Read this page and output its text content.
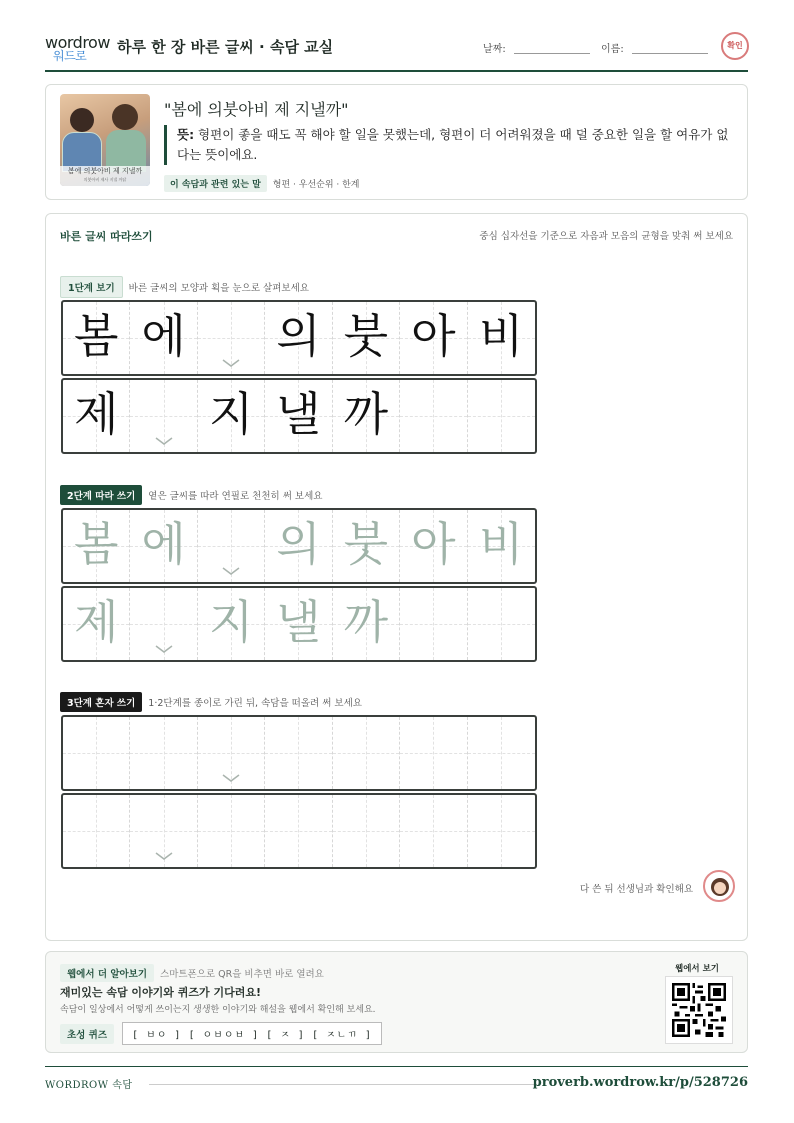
wordrow
워드로 하루 한 장 바른 글씨 · 속담 교실	날짜:	이름:	확인
봄에 의붓아비 제 지낼까
의붓아비 제사 지낼 까닭
"봄에 의붓아비 제 지낼까"
뜻: 형편이 좋을 때도 꼭 해야 할 일을 못했는데, 형편이 더 어려워졌을 때 덜 중요한 일을 할 여유가 없다는 뜻이에요.
이 속담과 관련 있는 말 형편 · 우선순위 · 한계
바른 글씨 따라쓰기	중심 십자선을 기준으로 자음과 모음의 균형을 맞춰 써 보세요
1단계 보기 바른 글씨의 모양과 획을 눈으로 살펴보세요
봄 에 의 붓 아 비
제 지 낼 까
2단계 따라 쓰기 옅은 글씨를 따라 연필로 천천히 써 보세요
봄 에 의 붓 아 비
제 지 낼 까
3단계 혼자 쓰기 1·2단계를 종이로 가린 뒤, 속담을 떠올려 써 보세요
다 쓴 뒤 선생님과 확인해요
웹에서 더 알아보기 스마트폰으로 QR을 비추면 바로 열려요
재미있는 속담 이야기와 퀴즈가 기다려요!
속담이 일상에서 어떻게 쓰이는지 생생한 이야기와 해설을 웹에서 확인해 보세요.
초성 퀴즈	[ ㅂㅇ ] [ ㅇㅂㅇㅂ ] [ ㅈ ] [ ㅈㄴㄲ ]
웹에서 보기
WORDROW 속담	proverb.wordrow.kr/p/528726
